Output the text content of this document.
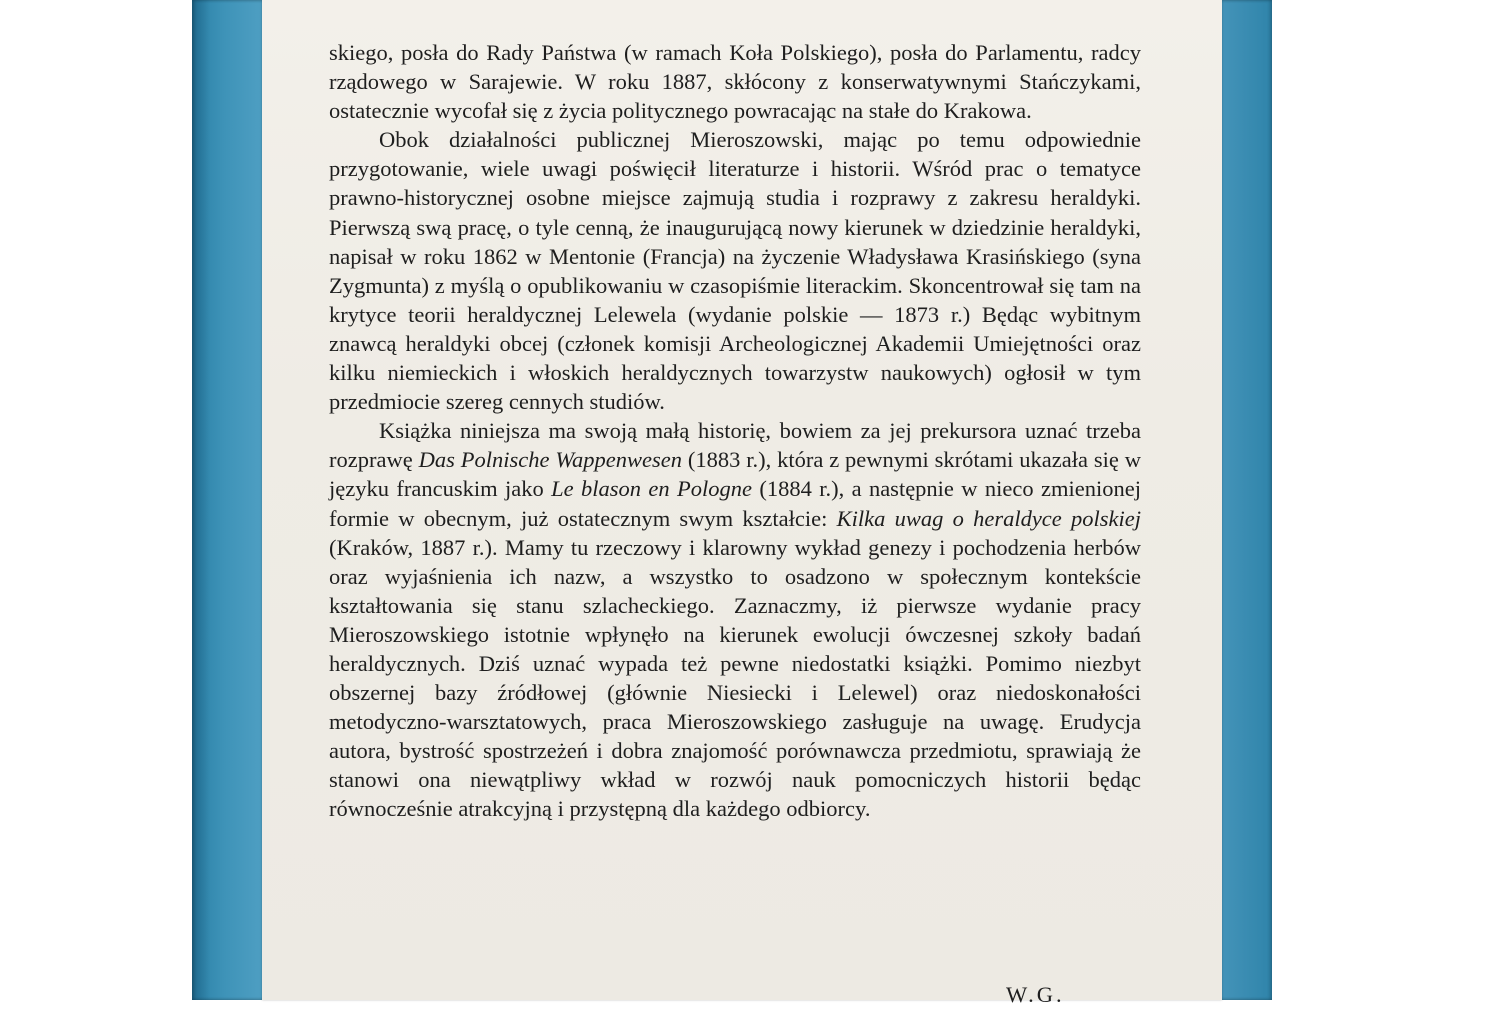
skiego, posła do Rady Państwa (w ramach Koła Polskiego), posła do Parlamentu, radcy rządowego w Sarajewie. W roku 1887, skłócony z konserwatywnymi Stańczykami, ostatecznie wycofał się z życia politycznego powracając na stałe do Krakowa.

Obok działalności publicznej Mieroszowski, mając po temu odpowiednie przygotowanie, wiele uwagi poświęcił literaturze i historii. Wśród prac o tematyce prawno-historycznej osobne miejsce zajmują studia i rozprawy z zakresu heraldyki. Pierwszą swą pracę, o tyle cenną, że inaugurującą nowy kierunek w dziedzinie heraldyki, napisał w roku 1862 w Mentonie (Francja) na życzenie Władysława Krasińskiego (syna Zygmunta) z myślą o opublikowaniu w czasopiśmie literackim. Skoncentrował się tam na krytyce teorii heraldycznej Lelewela (wydanie polskie — 1873 r.) Będąc wybitnym znawcą heraldyki obcej (członek komisji Archeologicznej Akademii Umiejętności oraz kilku niemieckich i włoskich heraldycznych towarzystw naukowych) ogłosił w tym przedmiocie szereg cennych studiów.

Książka niniejsza ma swoją małą historię, bowiem za jej prekursora uznać trzeba rozprawę Das Polnische Wappenwesen (1883 r.), która z pewnymi skrótami ukazała się w języku francuskim jako Le blason en Pologne (1884 r.), a następnie w nieco zmienionej formie w obecnym, już ostatecznym swym kształcie: Kilka uwag o heraldyce polskiej (Kraków, 1887 r.). Mamy tu rzeczowy i klarowny wykład genezy i pochodzenia herbów oraz wyjaśnienia ich nazw, a wszystko to osadzono w społecznym kontekście kształtowania się stanu szlacheckiego. Zaznaczmy, iż pierwsze wydanie pracy Mieroszowskiego istotnie wpłynęło na kierunek ewolucji ówczesnej szkoły badań heraldycznych. Dziś uznać wypada też pewne niedostatki książki. Pomimo niezbyt obszernej bazy źródłowej (głównie Niesiecki i Lelewel) oraz niedoskonałości metodyczno-warsztatowych, praca Mieroszowskiego zasługuje na uwagę. Erudycja autora, bystrość spostrzeżeń i dobra znajomość porównawcza przedmiotu, sprawiają że stanowi ona niewątpliwy wkład w rozwój nauk pomocniczych historii będąc równocześnie atrakcyjną i przystępną dla każdego odbiorcy.

W.G.
